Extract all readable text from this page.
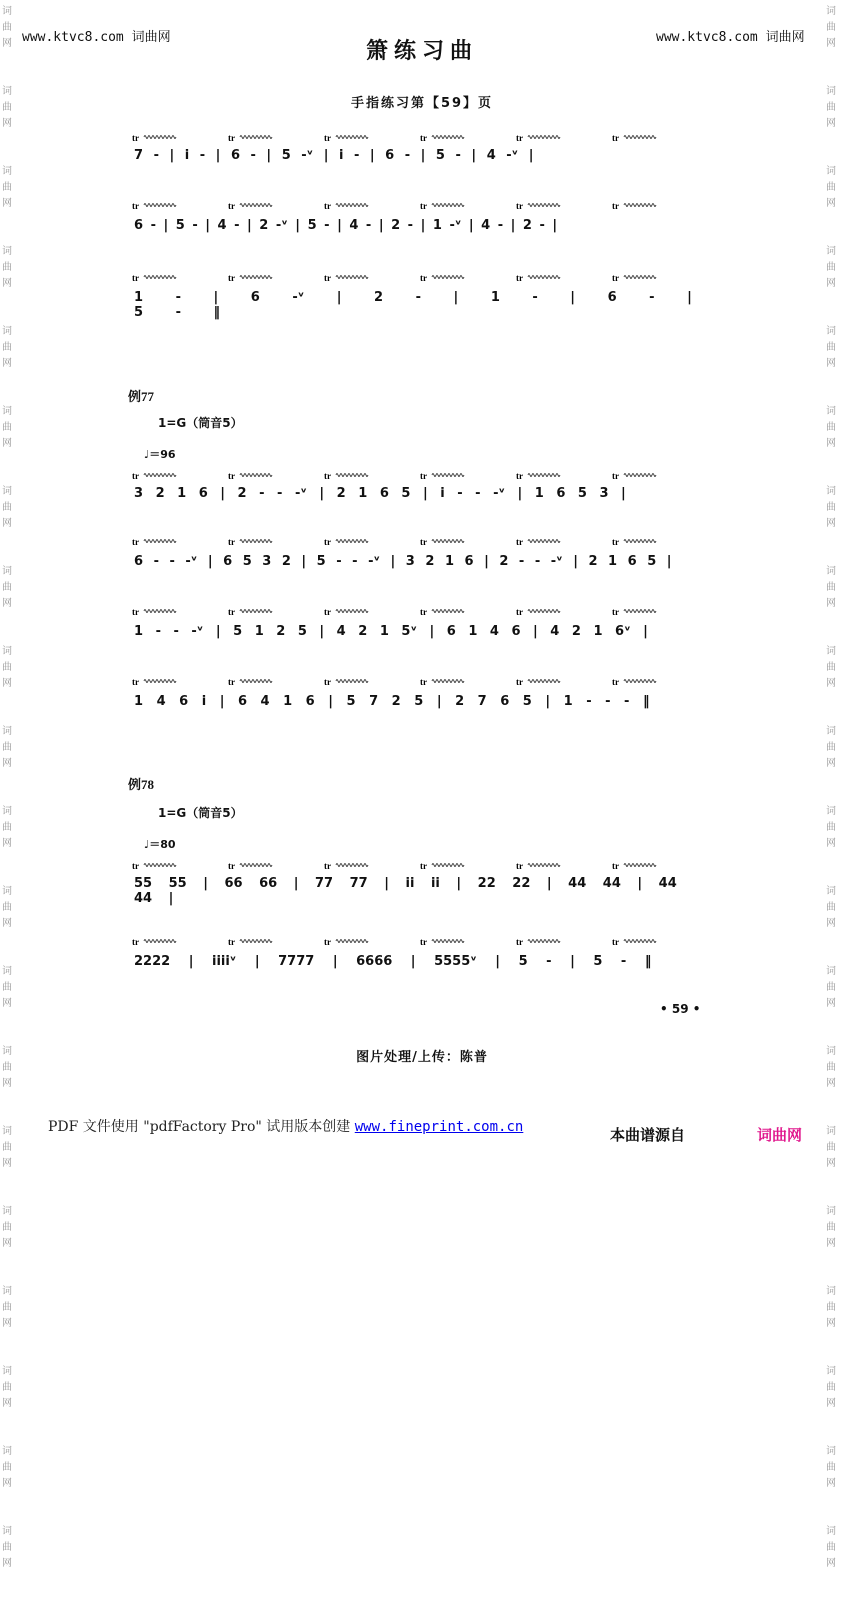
词
曲
网

词
曲
网

词
曲
网

词
曲
网

词
曲
网

词
曲
网

词
曲
网

词
曲
网

词
曲
网

词
曲
网

词
曲
网

词
曲
网

词
曲
网

词
曲
网

词
曲
网

词
曲
网

词
曲
网

词
曲
网

词
曲
网

词
曲
网

词
曲
网

词
曲
网

词
曲
网

词
曲
网

词
曲
网

词
曲
网

词
曲
网

词
曲
网

词
曲
网

词
曲
网

词
曲
网

词
曲
网

词
曲
网

词
曲
网

词
曲
网

词
曲
网

词
曲
网

词
曲
网

词
曲
网

词
曲
网

www.ktvc8.com 词曲网	www.ktvc8.com 词曲网
箫练习曲
手指练习第【59】页
7 - | i - | 6 - | 5 -ᵛ | i - | 6 - | 5 - | 4 -ᵛ |
tr	tr	tr	tr	tr	tr
6 - | 5 - | 4 - | 2 -ᵛ | 5 - | 4 - | 2 - | 1 -ᵛ | 4 - | 2 - |
tr	tr	tr	tr	tr	tr
1 - | 6 -ᵛ | 2 - | 1 - | 6 - | 5 - ‖
tr	tr	tr	tr	tr	tr
例77
1=G（筒音5）
♩＝96
3 2 1 6 | 2 - - -ᵛ | 2 1 6 5 | i - - -ᵛ | 1 6 5 3 |
tr	tr	tr	tr	tr	tr
6 - - -ᵛ | 6 5 3 2 | 5 - - -ᵛ | 3 2 1 6 | 2 - - -ᵛ | 2 1 6 5 |
tr	tr	tr	tr	tr	tr
1 - - -ᵛ | 5 1 2 5 | 4 2 1 5ᵛ | 6 1 4 6 | 4 2 1 6ᵛ |
tr	tr	tr	tr	tr	tr
1 4 6 i | 6 4 1 6 | 5 7 2 5 | 2 7 6 5 | 1 - - - ‖
tr	tr	tr	tr	tr	tr
例78
1=G（筒音5）
♩＝80
55 55 | 66 66 | 77 77 | ii ii | 22 22 | 44 44 | 44 44 |
tr	tr	tr	tr	tr	tr
2222 | iiiiᵛ | 7777 | 6666 | 5555ᵛ | 5 - | 5 - ‖
tr	tr	tr	tr	tr	tr
• 59 •
图片处理/上传：陈普
PDF 文件使用 "pdfFactory Pro" 试用版本创建 www.fineprint.com.cn	本曲谱源自	词曲网
